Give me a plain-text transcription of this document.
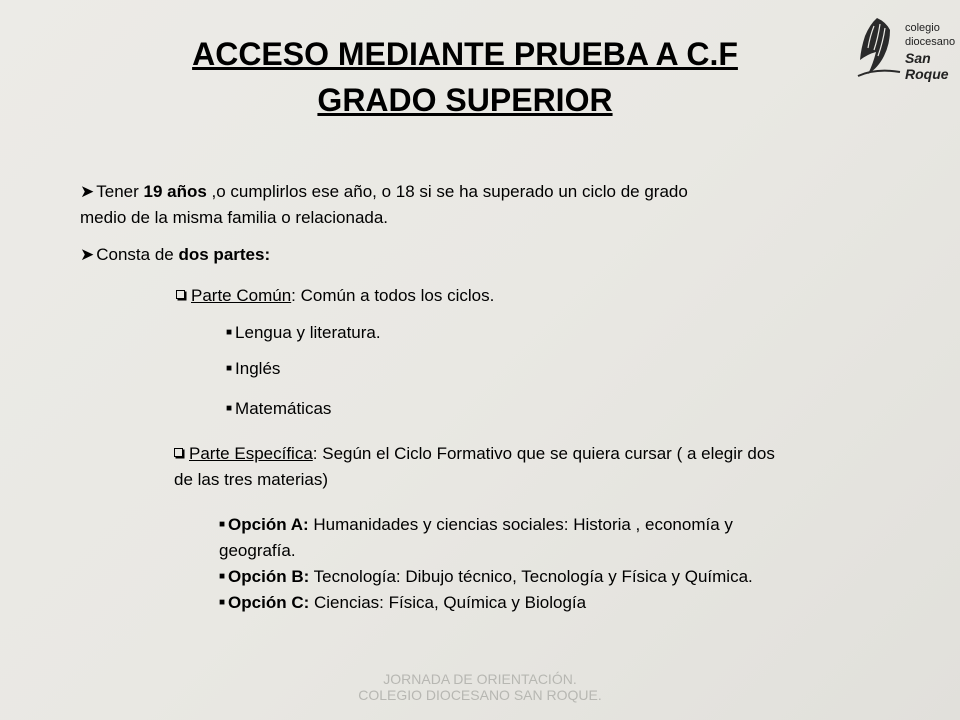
ACCESO MEDIANTE PRUEBA A C.F
GRADO SUPERIOR
colegio
diocesano
San Roque
➤ Tener 19 años ,o cumplirlos ese año, o 18 si se ha superado un ciclo de grado
medio de la misma familia o relacionada.
➤ Consta de dos partes:
Parte Común: Común a todos los ciclos.
■ Lengua y literatura.
■ Inglés
■ Matemáticas
Parte Específica: Según el Ciclo Formativo que se quiera cursar ( a elegir dos
de las tres materias)
■ Opción A: Humanidades y ciencias sociales: Historia , economía y
geografía.
■ Opción B: Tecnología: Dibujo técnico, Tecnología y Física y Química.
■ Opción C: Ciencias: Física, Química y Biología
JORNADA DE ORIENTACIÓN.
COLEGIO DIOCESANO SAN ROQUE.
